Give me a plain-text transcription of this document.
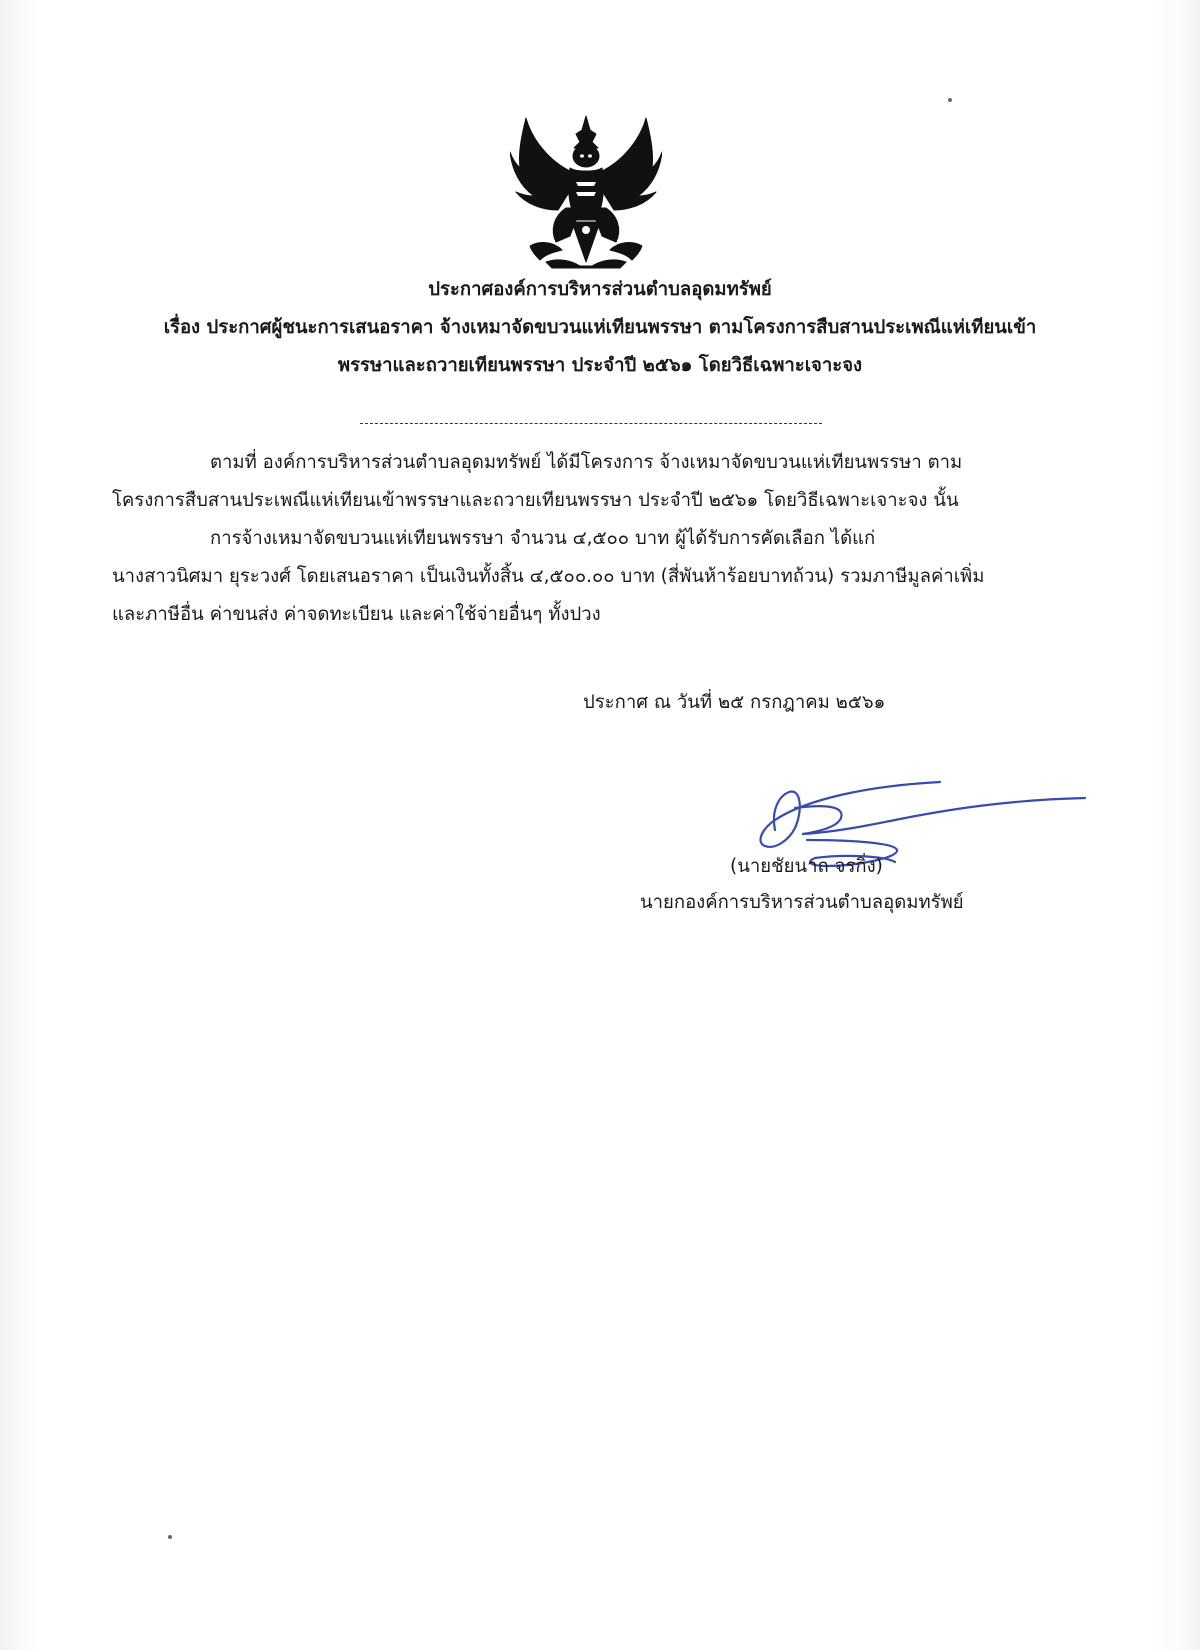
ประกาศองค์การบริหารส่วนตำบลอุดมทรัพย์
เรื่อง ประกาศผู้ชนะการเสนอราคา จ้างเหมาจัดขบวนแห่เทียนพรรษา ตามโครงการสืบสานประเพณีแห่เทียนเข้า
พรรษาและถวายเทียนพรรษา ประจำปี ๒๕๖๑ โดยวิธีเฉพาะเจาะจง
ตามที่ องค์การบริหารส่วนตำบลอุดมทรัพย์ ได้มีโครงการ จ้างเหมาจัดขบวนแห่เทียนพรรษา ตาม
โครงการสืบสานประเพณีแห่เทียนเข้าพรรษาและถวายเทียนพรรษา ประจำปี ๒๕๖๑ โดยวิธีเฉพาะเจาะจง นั้น
การจ้างเหมาจัดขบวนแห่เทียนพรรษา จำนวน ๔,๕๐๐ บาท ผู้ได้รับการคัดเลือก ได้แก่
นางสาวนิศมา ยุระวงศ์ โดยเสนอราคา เป็นเงินทั้งสิ้น ๔,๕๐๐.๐๐ บาท (สี่พันห้าร้อยบาทถ้วน) รวมภาษีมูลค่าเพิ่ม
และภาษีอื่น ค่าขนส่ง ค่าจดทะเบียน และค่าใช้จ่ายอื่นๆ ทั้งปวง
ประกาศ ณ วันที่ ๒๕ กรกฎาคม ๒๕๖๑
(นายชัยนาถ จรกิ่ง)
นายกองค์การบริหารส่วนตำบลอุดมทรัพย์
